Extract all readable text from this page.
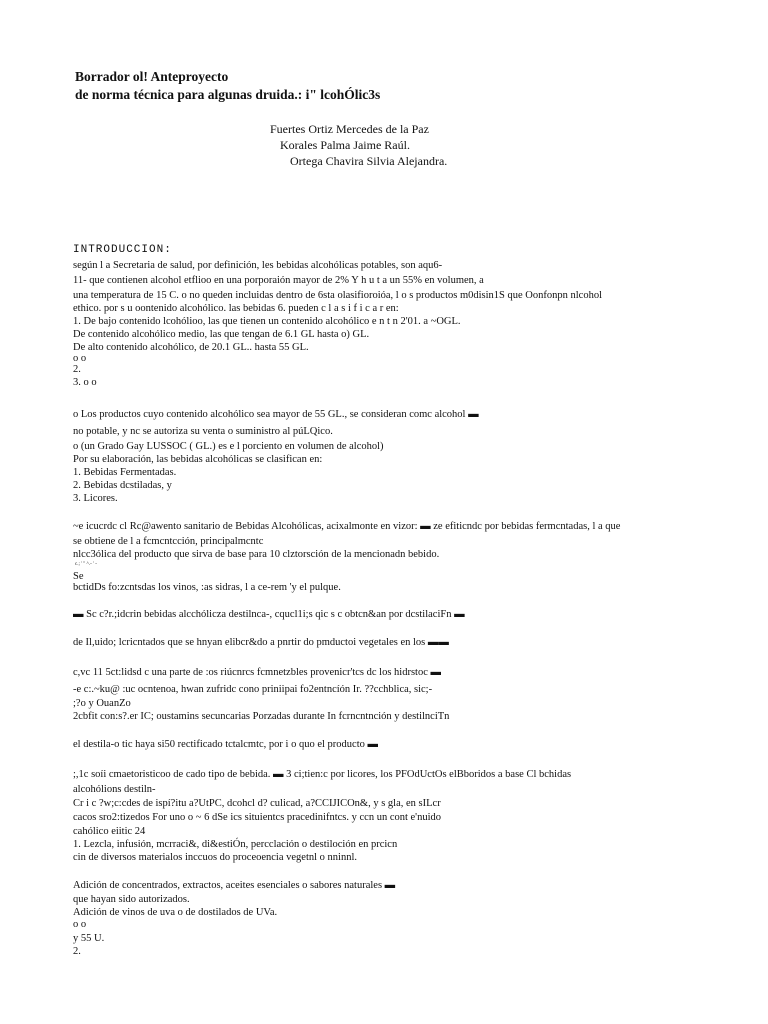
Borrador ol! Anteproyecto
de norma técnica para algunas druida.: i" lcohÓlic3s
Fuertes Ortiz Mercedes de la Paz
Korales Palma Jaime Raúl.
Ortega Chavira Silvia Alejandra.
INTRODUCCION:
según l a Secretaria de salud, por definición, les bebidas alcohólicas potables, son aqu6-
11- que contienen alcohol etflioo en una porporaión mayor de 2% Y h u t a un 55% en volumen, a
una temperatura de 15 C. o no queden incluidas dentro de 6sta olasifioroióa, l o s productos m0disin1S que Oonfonpn nlcohol
ethico. por s u oontenido alcohólico. las bebidas 6. pueden c l a s i f i c a r en:
1. De bajo contenido lcohólioo, las que tienen un contenido alcohólico e n t n 2'01. a ~OGL.
De contenido alcohólico medio, las que tengan de 6.1 GL hasta o) GL.
De alto contenido alcohólico, de 20.1 GL.. hasta 55 GL.
o o
2.
3. o o
o Los productos cuyo contenido alcohólico sea mayor de 55 GL., se consideran comc alcohol ▬
no potable, y nc se autoriza su venta o suministro al púLQico.
o (un Grado Gay LUSSOC ( GL.) es e l porciento en volumen de alcohol)
Por su elaboración, las bebidas alcohólicas se clasifican en:
1. Bebidas Fermentadas.
2. Bebidas dcstiladas, y
3. Licores.
~e icucrdc cl Rc@awento sanitario de Bebidas Alcohólicas, acixalmonte en vizor: ▬ ze efiticndc por bebidas fermcntadas, l a que
se obtiene de l a fcmcntcción, principalmcntc
nlcc3ólica del producto que sirva de base para 10 clztorsción de la mencionadn bebido.
c.; ' " ^.- ' -
Se
bctidDs fo:zcntsdas los vinos, :as sidras, l a ce-rem 'y el pulque.
▬ Sc c?r.;idcrin bebidas alcchólicza destilnca-, cqucl1i;s qic s c obtcn&an por dcstilaciFn ▬
de Il,uido; lcricntados que se hnyan elibcr&do a pnrtir do pmductoi vegetales en los ▬▬
c,vc 11 5ct:lidsd c una parte de :os riúcnrcs fcmnetzbles provenicr'tcs dc los hidrstoc ▬
-e c:.~ku@ :uc ocntenoa, hwan zufridc cono priniipai fo2entncíón Ir. ??cchblica, sic;-
;?o y OuanZo
2cbfit con:s?.er IC; oustamins secuncarias Porzadas durante In fcrncntnción y destilnciTn
el destila-o tic haya si50 rectificado tctalcmtc, por i o quo el producto ▬
;,1c soíi cmaetoristicoo de cado tipo de bebida. ▬ 3 ci;tien:c por licores, los PFOdUctOs elBboridos a base Cl bchidas
alcohólions destiln-
Cr i c ?w;c:cdes de ispí?itu a?UtPC, dcohcl d? culicad, a?CCIJICOn&, y s gla, en sILcr
cacos sro2:tizedos For uno o ~ 6 dSe ics situientcs pracedinifntcs. y ccn un cont e'nuido
cahólico eiitic 24
1. Lezcla, infusión, mcrraci&, di&estiÓn, percclación o destiloción en prcicn
cin de diversos materialos inccuos do proceoencia vegetnl o nninnl.
Adición de concentrados, extractos, aceites esenciales o sabores naturales ▬
que hayan sido autorizados.
Adición de vinos de uva o de dostilados de UVa.
o o
y 55 U.
2.
